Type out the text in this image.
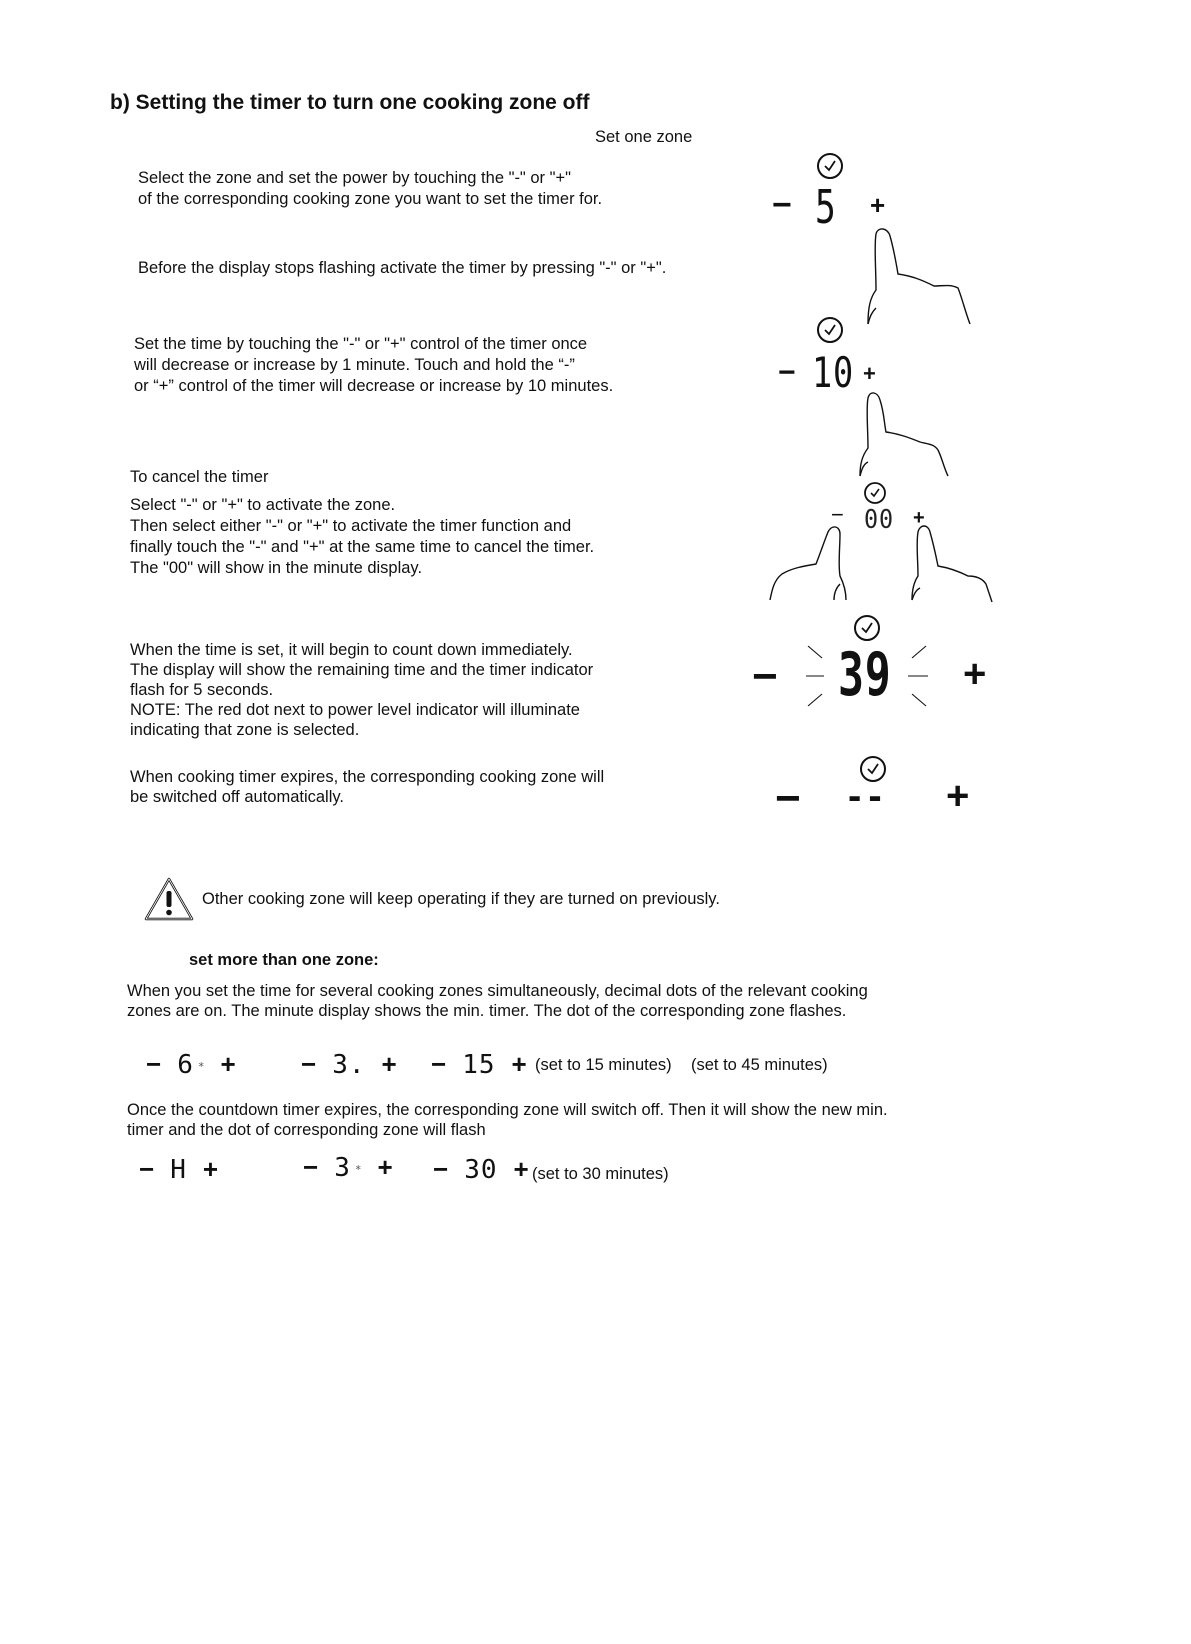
b) Setting the timer to turn one cooking zone off
Set one zone
Select the zone and set the power by touching the "-" or "+"
of the corresponding cooking zone you want to set the timer for.
Before the display stops flashing activate the timer by pressing "-" or "+".
Set the time by touching the "-" or "+" control of the timer once
will decrease or increase by 1 minute. Touch and hold the “-”
or “+” control of the timer will decrease or increase by 10 minutes.
To cancel the timer
Select "-" or "+" to activate the zone.
Then select either "-" or "+" to activate the timer function and
finally touch the "-" and "+" at the same time to cancel the timer.
The "00" will show in the minute display.
When the time is set, it will begin to count down immediately.
The display will show the remaining time and the timer indicator
flash for 5 seconds.
NOTE: The red dot next to power level indicator will illuminate
indicating that zone is selected.
When cooking timer expires, the corresponding cooking zone will
be switched off automatically.
− 5 +
− 10 +
− 00 +
− 39 +
− - - +
Other cooking zone will keep operating if they are turned on previously.
set more than one zone:
When you set the time for several cooking zones simultaneously, decimal dots of the relevant cooking
zones are on. The minute display shows the min. timer. The dot of the corresponding zone flashes.
− 6 ∗ +	− 3. + − 15 + (set to 15 minutes) (set to 45 minutes)
Once the countdown timer expires, the corresponding zone will switch off. Then it will show the new min.
timer and the dot of corresponding zone will flash
− H +	− 3 ∗ + − 30 + (set to 30 minutes)
